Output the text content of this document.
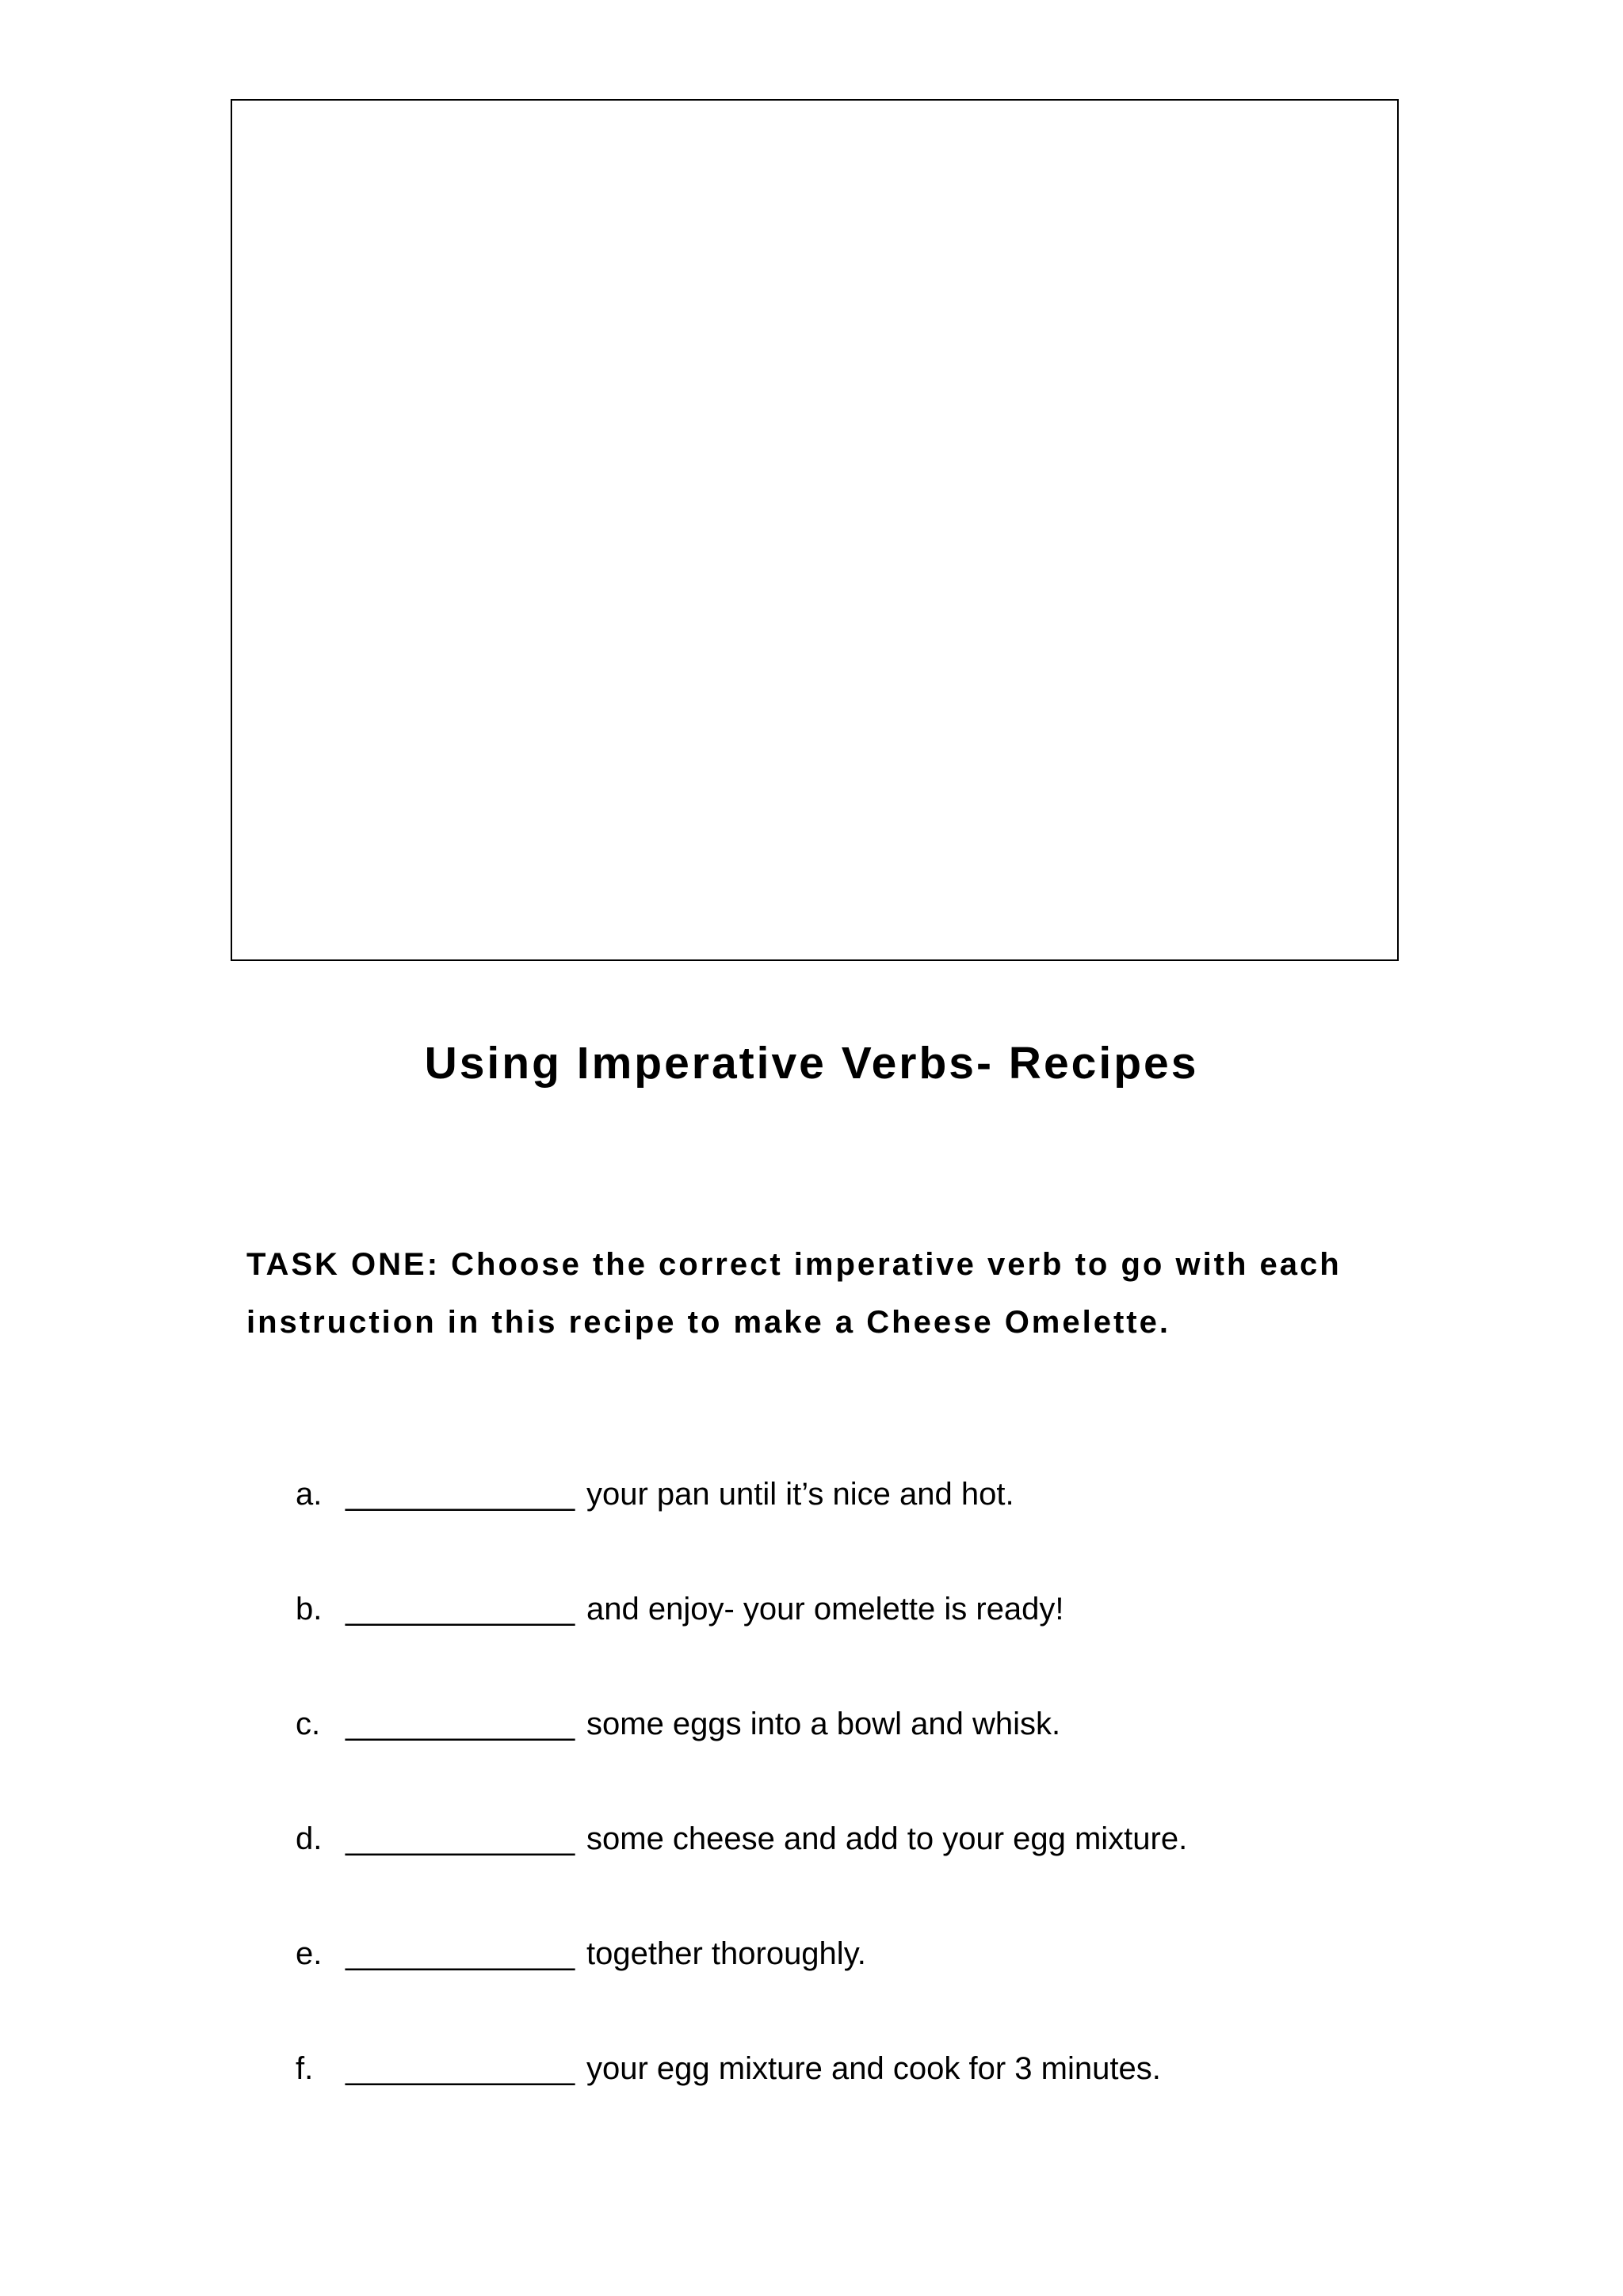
Using Imperative Verbs- Recipes

TASK ONE: Choose the correct imperative verb to go with each instruction in this recipe to make a Cheese Omelette.

a. _____________ your pan until it’s nice and hot.
b. _____________ and enjoy- your omelette is ready!
c. _____________ some eggs into a bowl and whisk.
d. _____________ some cheese and add to your egg mixture.
e. _____________ together thoroughly.
f. _____________ your egg mixture and cook for 3 minutes.
